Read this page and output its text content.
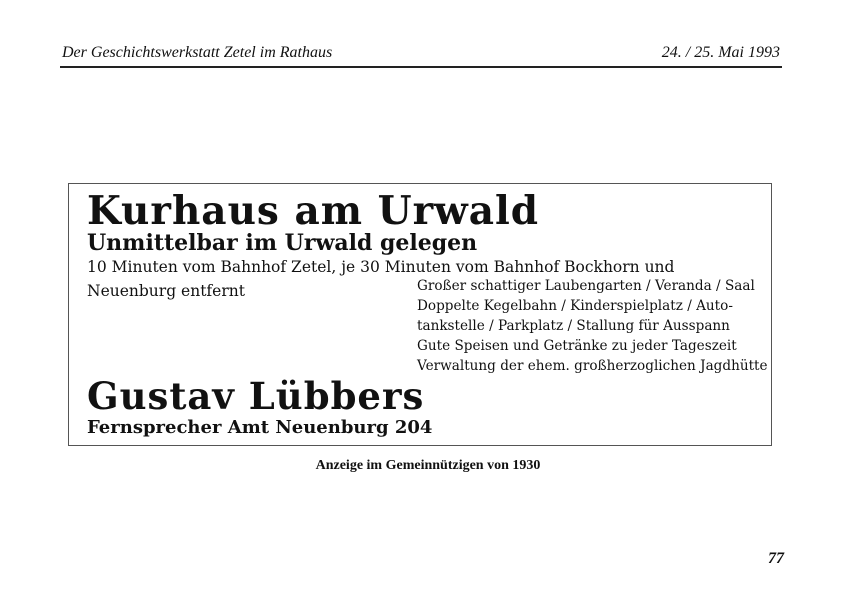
Der Geschichtswerkstatt Zetel im Rathaus	24. / 25. Mai 1993
Kurhaus am Urwald
Unmittelbar im Urwald gelegen
10 Minuten vom Bahnhof Zetel, je 30 Minuten vom Bahnhof Bockhorn und
Neuenburg entfernt	Großer schattiger Laubengarten / Veranda / Saal
Doppelte Kegelbahn / Kinderspielplatz / Auto-
tankstelle / Parkplatz / Stallung für Ausspann
Gute Speisen und Getränke zu jeder Tageszeit
Verwaltung der ehem. großherzoglichen Jagdhütte
Gustav Lübbers
Fernsprecher Amt Neuenburg 204
Anzeige im Gemeinnützigen von 1930
77
